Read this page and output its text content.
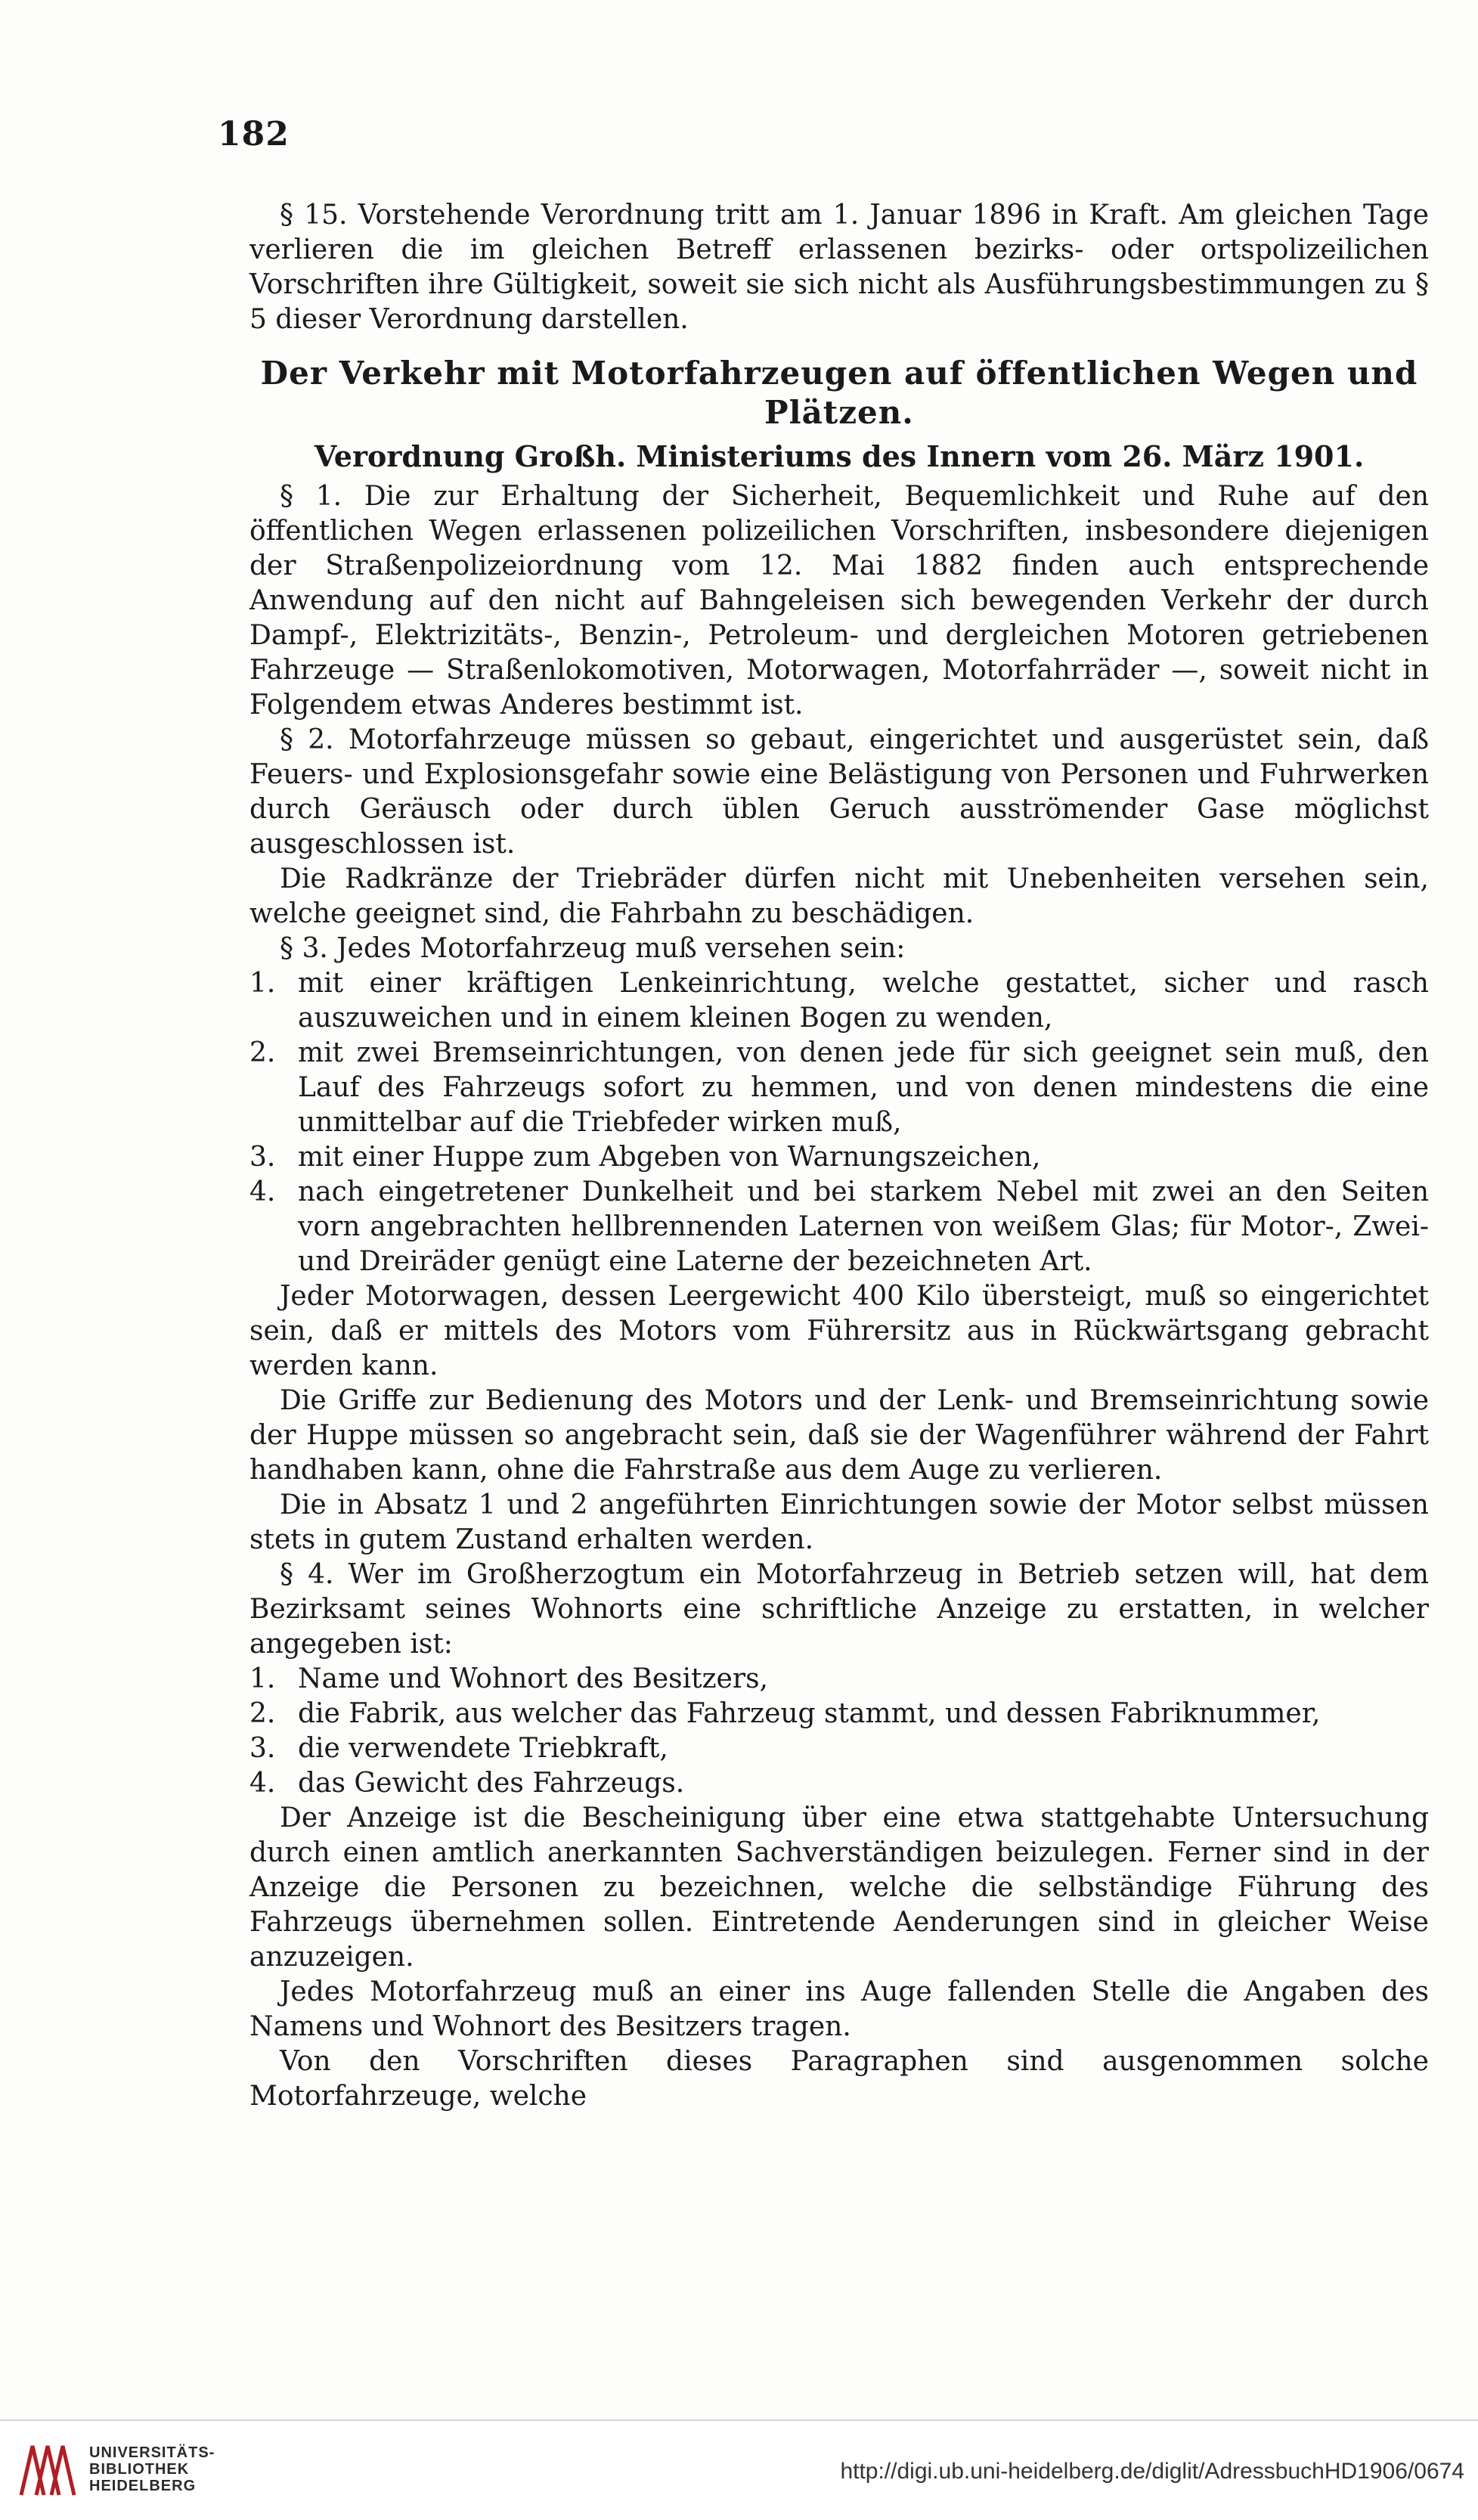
182

§ 15. Vorstehende Verordnung tritt am 1. Januar 1896 in Kraft. Am gleichen Tage verlieren die im gleichen Betreff erlassenen bezirks- oder ortspolizeilichen Vorschriften ihre Gültigkeit, soweit sie sich nicht als Ausführungsbestimmungen zu § 5 dieser Verordnung darstellen.

Der Verkehr mit Motorfahrzeugen auf öffentlichen Wegen und Plätzen.
Verordnung Großh. Ministeriums des Innern vom 26. März 1901.

§ 1. Die zur Erhaltung der Sicherheit, Bequemlichkeit und Ruhe auf den öffentlichen Wegen erlassenen polizeilichen Vorschriften, insbesondere diejenigen der Straßenpolizeiordnung vom 12. Mai 1882 finden auch entsprechende Anwendung auf den nicht auf Bahngeleisen sich bewegenden Verkehr der durch Dampf-, Elektrizitäts-, Benzin-, Petroleum- und dergleichen Motoren getriebenen Fahrzeuge — Straßenlokomotiven, Motorwagen, Motorfahrräder —, soweit nicht in Folgendem etwas Anderes bestimmt ist.

§ 2. Motorfahrzeuge müssen so gebaut, eingerichtet und ausgerüstet sein, daß Feuers- und Explosionsgefahr sowie eine Belästigung von Personen und Fuhrwerken durch Geräusch oder durch üblen Geruch ausströmender Gase möglichst ausgeschlossen ist.

Die Radkränze der Triebräder dürfen nicht mit Unebenheiten versehen sein, welche geeignet sind, die Fahrbahn zu beschädigen.

§ 3. Jedes Motorfahrzeug muß versehen sein:

1. mit einer kräftigen Lenkeinrichtung, welche gestattet, sicher und rasch auszuweichen und in einem kleinen Bogen zu wenden,
2. mit zwei Bremseinrichtungen, von denen jede für sich geeignet sein muß, den Lauf des Fahrzeugs sofort zu hemmen, und von denen mindestens die eine unmittelbar auf die Triebfeder wirken muß,
3. mit einer Huppe zum Abgeben von Warnungszeichen,
4. nach eingetretener Dunkelheit und bei starkem Nebel mit zwei an den Seiten vorn angebrachten hellbrennenden Laternen von weißem Glas; für Motor-, Zwei- und Dreiräder genügt eine Laterne der bezeichneten Art.

Jeder Motorwagen, dessen Leergewicht 400 Kilo übersteigt, muß so eingerichtet sein, daß er mittels des Motors vom Führersitz aus in Rückwärtsgang gebracht werden kann.

Die Griffe zur Bedienung des Motors und der Lenk- und Bremseinrichtung sowie der Huppe müssen so angebracht sein, daß sie der Wagenführer während der Fahrt handhaben kann, ohne die Fahrstraße aus dem Auge zu verlieren.

Die in Absatz 1 und 2 angeführten Einrichtungen sowie der Motor selbst müssen stets in gutem Zustand erhalten werden.

§ 4. Wer im Großherzogtum ein Motorfahrzeug in Betrieb setzen will, hat dem Bezirksamt seines Wohnorts eine schriftliche Anzeige zu erstatten, in welcher angegeben ist:

1. Name und Wohnort des Besitzers,
2. die Fabrik, aus welcher das Fahrzeug stammt, und dessen Fabriknummer,
3. die verwendete Triebkraft,
4. das Gewicht des Fahrzeugs.

Der Anzeige ist die Bescheinigung über eine etwa stattgehabte Untersuchung durch einen amtlich anerkannten Sachverständigen beizulegen. Ferner sind in der Anzeige die Personen zu bezeichnen, welche die selbständige Führung des Fahrzeugs übernehmen sollen. Eintretende Aenderungen sind in gleicher Weise anzuzeigen.

Jedes Motorfahrzeug muß an einer ins Auge fallenden Stelle die Angaben des Namens und Wohnort des Besitzers tragen.

Von den Vorschriften dieses Paragraphen sind ausgenommen solche Motorfahrzeuge, welche

UNIVERSITÄTS-
BIBLIOTHEK
HEIDELBERG
http://digi.ub.uni-heidelberg.de/diglit/AdressbuchHD1906/0674
